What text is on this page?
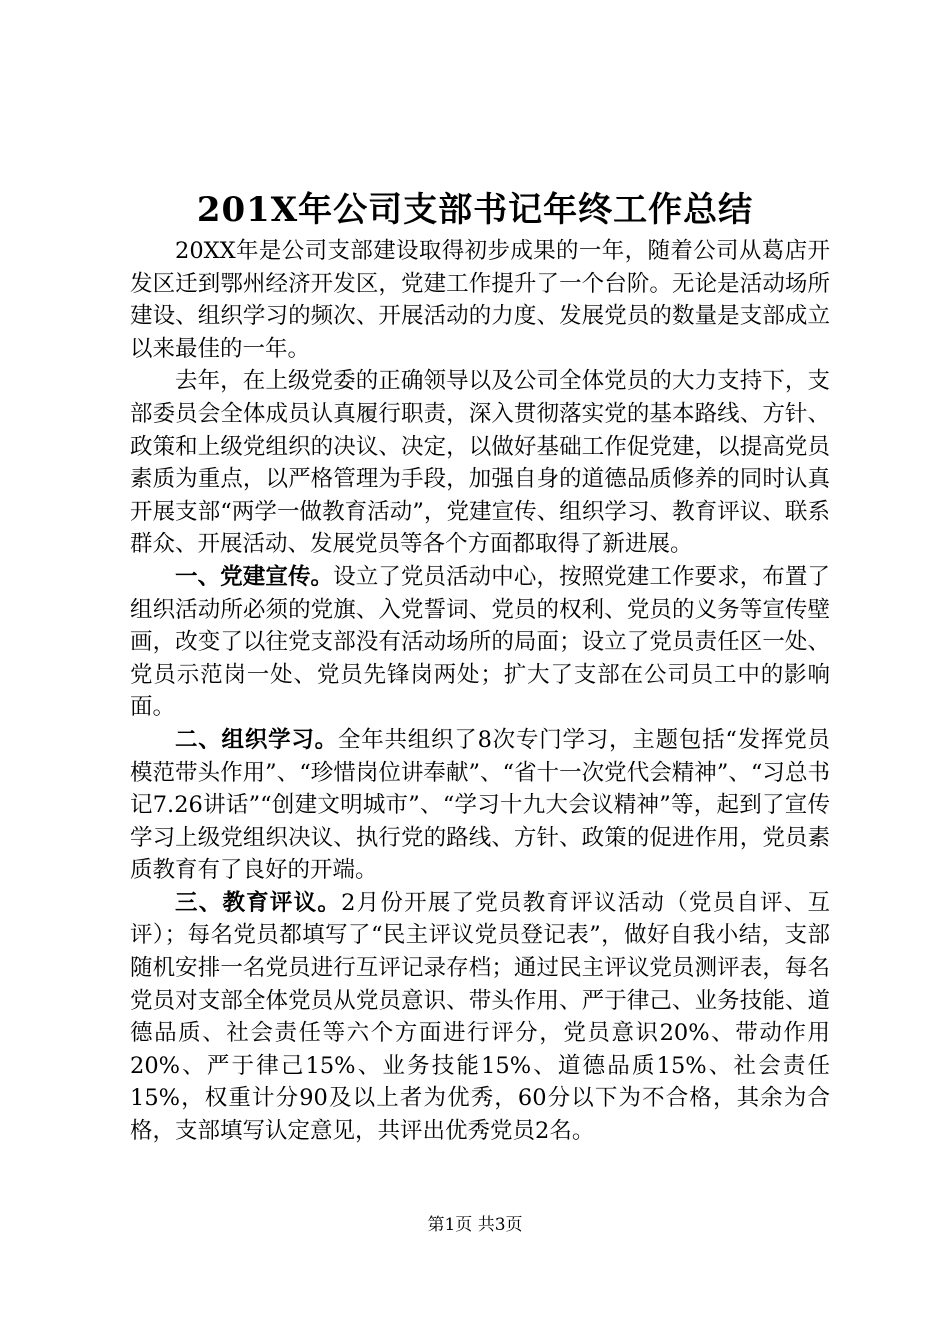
201X年公司支部书记年终工作总结

20XX年是公司支部建设取得初步成果的一年，随着公司从葛店开发区迁到鄂州经济开发区，党建工作提升了一个台阶。无论是活动场所建设、组织学习的频次、开展活动的力度、发展党员的数量是支部成立以来最佳的一年。

去年，在上级党委的正确领导以及公司全体党员的大力支持下，支部委员会全体成员认真履行职责，深入贯彻落实党的基本路线、方针、政策和上级党组织的决议、决定，以做好基础工作促党建，以提高党员素质为重点，以严格管理为手段，加强自身的道德品质修养的同时认真开展支部“两学一做教育活动”，党建宣传、组织学习、教育评议、联系群众、开展活动、发展党员等各个方面都取得了新进展。

一、党建宣传。设立了党员活动中心，按照党建工作要求，布置了组织活动所必须的党旗、入党誓词、党员的权利、党员的义务等宣传壁画，改变了以往党支部没有活动场所的局面；设立了党员责任区一处、党员示范岗一处、党员先锋岗两处；扩大了支部在公司员工中的影响面。

二、组织学习。全年共组织了8次专门学习，主题包括“发挥党员模范带头作用”、“珍惜岗位讲奉献”、“省十一次党代会精神”、“习总书记7.26讲话”“创建文明城市”、“学习十九大会议精神”等，起到了宣传学习上级党组织决议、执行党的路线、方针、政策的促进作用，党员素质教育有了良好的开端。

三、教育评议。2月份开展了党员教育评议活动（党员自评、互评）；每名党员都填写了“民主评议党员登记表”，做好自我小结，支部随机安排一名党员进行互评记录存档；通过民主评议党员测评表，每名党员对支部全体党员从党员意识、带头作用、严于律己、业务技能、道德品质、社会责任等六个方面进行评分，党员意识20%、带动作用20%、严于律己15%、业务技能15%、道德品质15%、社会责任15%，权重计分90及以上者为优秀，60分以下为不合格，其余为合格，支部填写认定意见，共评出优秀党员2名。

第1页 共3页
